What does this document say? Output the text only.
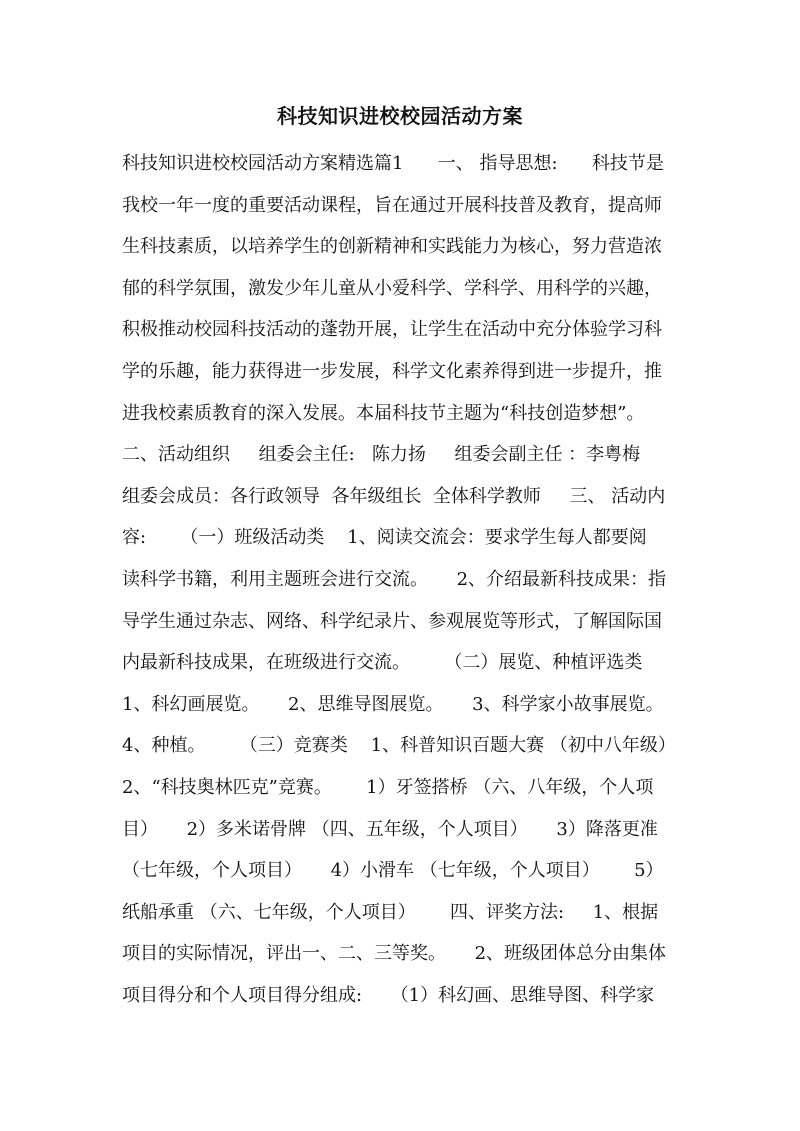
科技知识进校校园活动方案
科技知识进校校园活动方案精选篇1      一、 指导思想:      科技节是
我校一年一度的重要活动课程，旨在通过开展科技普及教育，提高师
生科技素质，以培养学生的创新精神和实践能力为核心，努力营造浓
郁的科学氛围，激发少年儿童从小爱科学、学科学、用科学的兴趣，
积极推动校园科技活动的蓬勃开展，让学生在活动中充分体验学习科
学的乐趣，能力获得进一步发展，科学文化素养得到进一步提升，推
进我校素质教育的深入发展。本届科技节主题为“科技创造梦想”。
二、活动组织     组委会主任:   陈力扬     组委会副主任 ：李粤梅
组委会成员：各行政领导  各年级组长  全体科学教师     三、 活动内
容:      （一）班级活动类    1、阅读交流会：要求学生每人都要阅
读科学书籍，利用主题班会进行交流。     2、介绍最新科技成果：指
导学生通过杂志、网络、科学纪录片、参观展览等形式，了解国际国
内最新科技成果，在班级进行交流。      （二）展览、种植评选类
1、科幻画展览。     2、思维导图展览。     3、科学家小故事展览。
4、种植。      （三）竞赛类    1、科普知识百题大赛 （初中八年级）
2、“科技奥林匹克”竞赛。      1）牙签搭桥 （六、八年级，个人项
目）     2）多米诺骨牌 （四、五年级，个人项目）     3）降落更准
（七年级，个人项目）     4）小滑车 （七年级，个人项目）      5）
纸船承重 （六、七年级，个人项目）      四、评奖方法:     1、根据
项目的实际情况，评出一、二、三等奖。     2、班级团体总分由集体
项目得分和个人项目得分组成:     （1）科幻画、思维导图、科学家
